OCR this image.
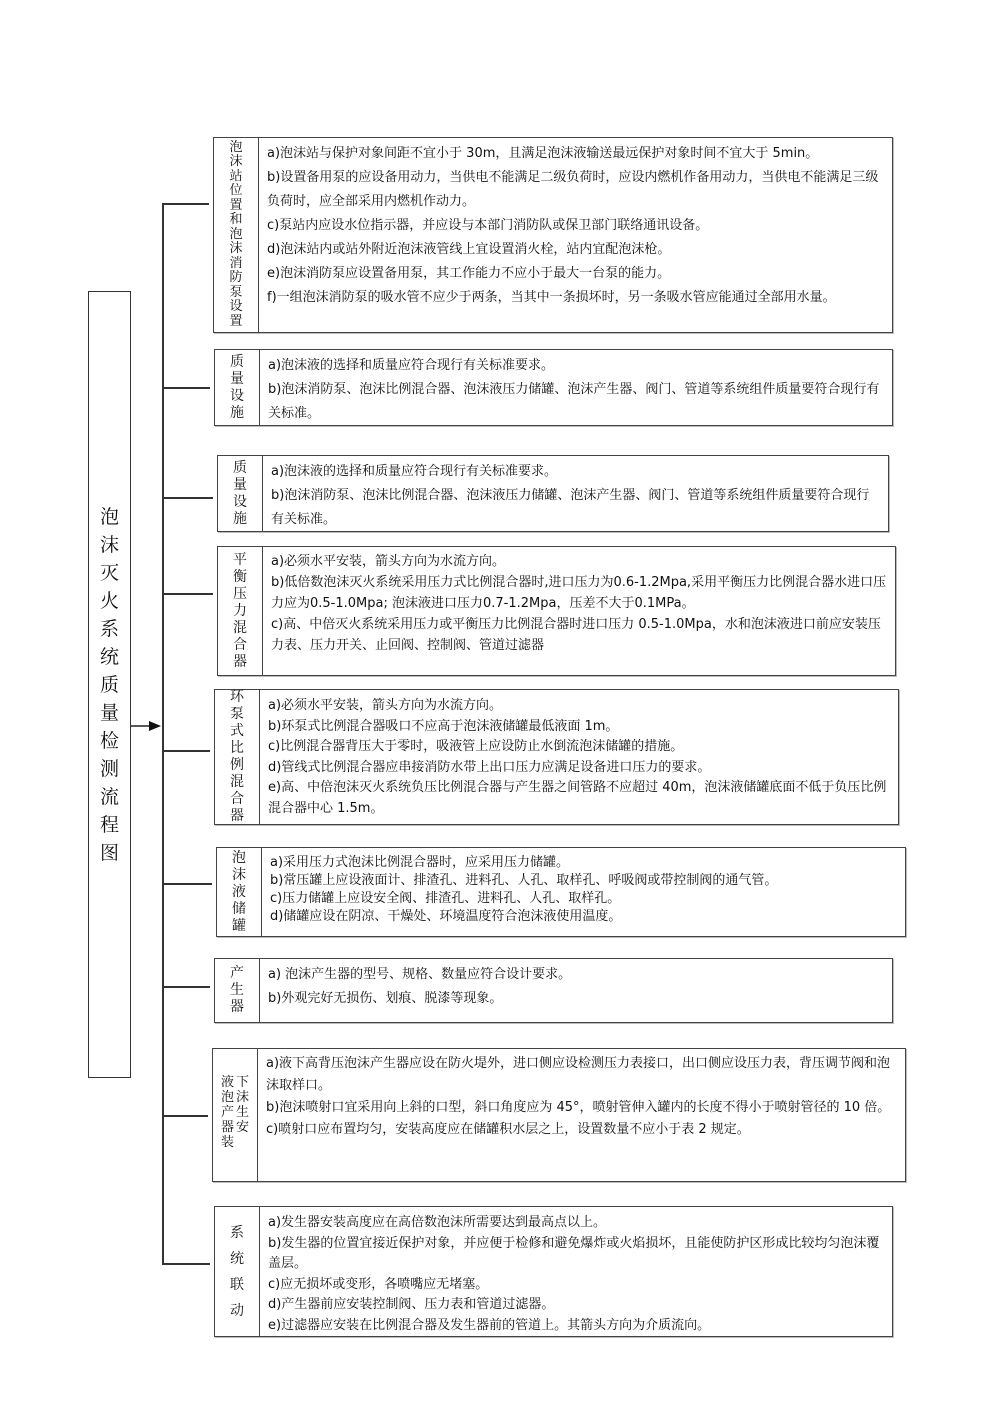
泡
沫
灭
火
系
统
质
量
检
测
流
程
图
泡
沫
站
位
置
和
泡
沫
消
防
泵
设
置
a)泡沫站与保护对象间距不宜小于 30m，且满足泡沫液输送最远保护对象时间不宜大于 5min。
b)设置备用泵的应设备用动力，当供电不能满足二级负荷时，应设内燃机作备用动力，当供电不能满足三级负荷时，应全部采用内燃机作动力。
c)泵站内应设水位指示器，并应设与本部门消防队或保卫部门联络通讯设备。
d)泡沫站内或站外附近泡沫液管线上宜设置消火栓，站内宜配泡沫枪。
e)泡沫消防泵应设置备用泵，其工作能力不应小于最大一台泵的能力。
f)一组泡沫消防泵的吸水管不应少于两条，当其中一条损坏时，另一条吸水管应能通过全部用水量。
质
量
设
施
a)泡沫液的选择和质量应符合现行有关标准要求。
b)泡沫消防泵、泡沫比例混合器、泡沫液压力储罐、泡沫产生器、阀门、管道等系统组件质量要符合现行有关标准。
质
量
设
施
a)泡沫液的选择和质量应符合现行有关标准要求。
b)泡沫消防泵、泡沫比例混合器、泡沫液压力储罐、泡沫产生器、阀门、管道等系统组件质量要符合现行有关标准。
平
衡
压
力
混
合
器
a)必须水平安装，箭头方向为水流方向。
b)低倍数泡沫灭火系统采用压力式比例混合器时,进口压力为0.6-1.2Mpa,采用平衡压力比例混合器水进口压力应为0.5-1.0Mpa; 泡沫液进口压力0.7-1.2Mpa，压差不大于0.1MPa。
c)高、中倍灭火系统采用压力或平衡压力比例混合器时进口压力 0.5-1.0Mpa，水和泡沫液进口前应安装压力表、压力开关、止回阀、控制阀、管道过滤器
环
泵
式
比
例
混
合
器
a)必须水平安装，箭头方向为水流方向。
b)环泵式比例混合器吸口不应高于泡沫液储罐最低液面 1m。
c)比例混合器背压大于零时，吸液管上应设防止水倒流泡沫储罐的措施。
d)管线式比例混合器应串接消防水带上出口压力应满足设备进口压力的要求。
e)高、中倍泡沫灭火系统负压比例混合器与产生器之间管路不应超过 40m，泡沫液储罐底面不低于负压比例混合器中心 1.5m。
泡
沫
液
储
罐
a)采用压力式泡沫比例混合器时，应采用压力储罐。
b)常压罐上应设液面计、排渣孔、进料孔、人孔、取样孔、呼吸阀或带控制阀的通气管。
c)压力储罐上应设安全阀、排渣孔、进料孔、人孔、取样孔。
d)储罐应设在阴凉、干燥处、环境温度符合泡沫液使用温度。
产
生
器
a) 泡沫产生器的型号、规格、数量应符合设计要求。
b)外观完好无损伤、划痕、脱漆等现象。
下
沫
生
安
液
泡
产
器
装
a)液下高背压泡沫产生器应设在防火堤外，进口侧应设检测压力表接口，出口侧应设压力表，背压调节阀和泡沫取样口。
b)泡沫喷射口宜采用向上斜的口型，斜口角度应为 45°，喷射管伸入罐内的长度不得小于喷射管径的 10 倍。
c)喷射口应布置均匀，安装高度应在储罐积水层之上，设置数量不应小于表 2 规定。
系
统
联
动
a)发生器安装高度应在高倍数泡沫所需要达到最高点以上。
b)发生器的位置宜接近保护对象，并应便于检修和避免爆炸或火焰损坏，且能使防护区形成比较均匀泡沫覆盖层。
c)应无损坏或变形，各喷嘴应无堵塞。
d)产生器前应安装控制阀、压力表和管道过滤器。
e)过滤器应安装在比例混合器及发生器前的管道上。其箭头方向为介质流向。
